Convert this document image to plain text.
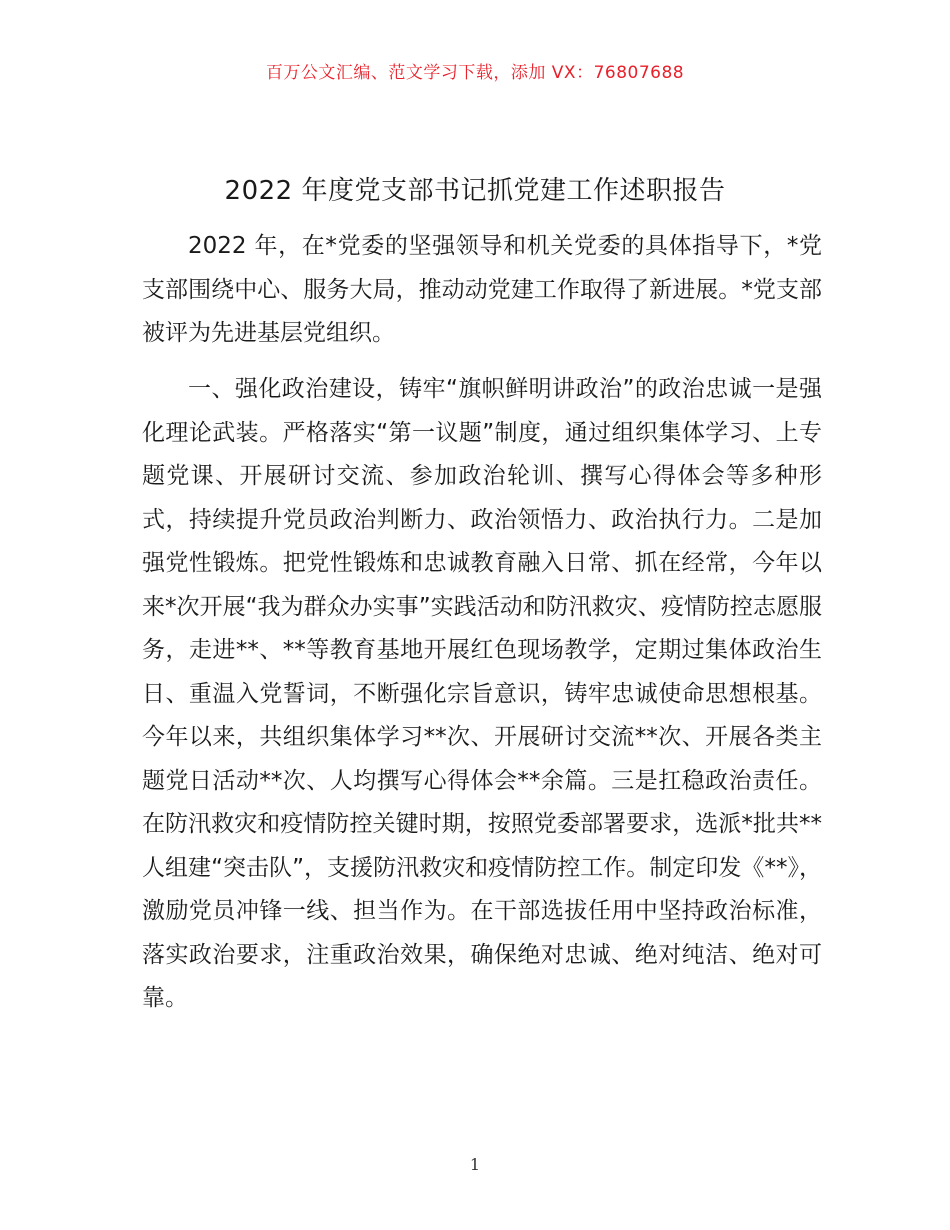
百万公文汇编、范文学习下载，添加 VX：76807688
2022 年度党支部书记抓党建工作述职报告

2022 年，在*党委的坚强领导和机关党委的具体指导下，*党支部围绕中心、服务大局，推动动党建工作取得了新进展。*党支部被评为先进基层党组织。

一、强化政治建设，铸牢“旗帜鲜明讲政治”的政治忠诚一是强化理论武装。严格落实“第一议题”制度，通过组织集体学习、上专题党课、开展研讨交流、参加政治轮训、撰写心得体会等多种形式，持续提升党员政治判断力、政治领悟力、政治执行力。二是加强党性锻炼。把党性锻炼和忠诚教育融入日常、抓在经常，今年以来*次开展“我为群众办实事”实践活动和防汛救灾、疫情防控志愿服务，走进**、**等教育基地开展红色现场教学，定期过集体政治生日、重温入党誓词，不断强化宗旨意识，铸牢忠诚使命思想根基。今年以来，共组织集体学习**次、开展研讨交流**次、开展各类主题党日活动**次、人均撰写心得体会**余篇。三是扛稳政治责任。在防汛救灾和疫情防控关键时期，按照党委部署要求，选派*批共**人组建“突击队”，支援防汛救灾和疫情防控工作。制定印发《**》，激励党员冲锋一线、担当作为。在干部选拔任用中坚持政治标准，落实政治要求，注重政治效果，确保绝对忠诚、绝对纯洁、绝对可靠。

1
